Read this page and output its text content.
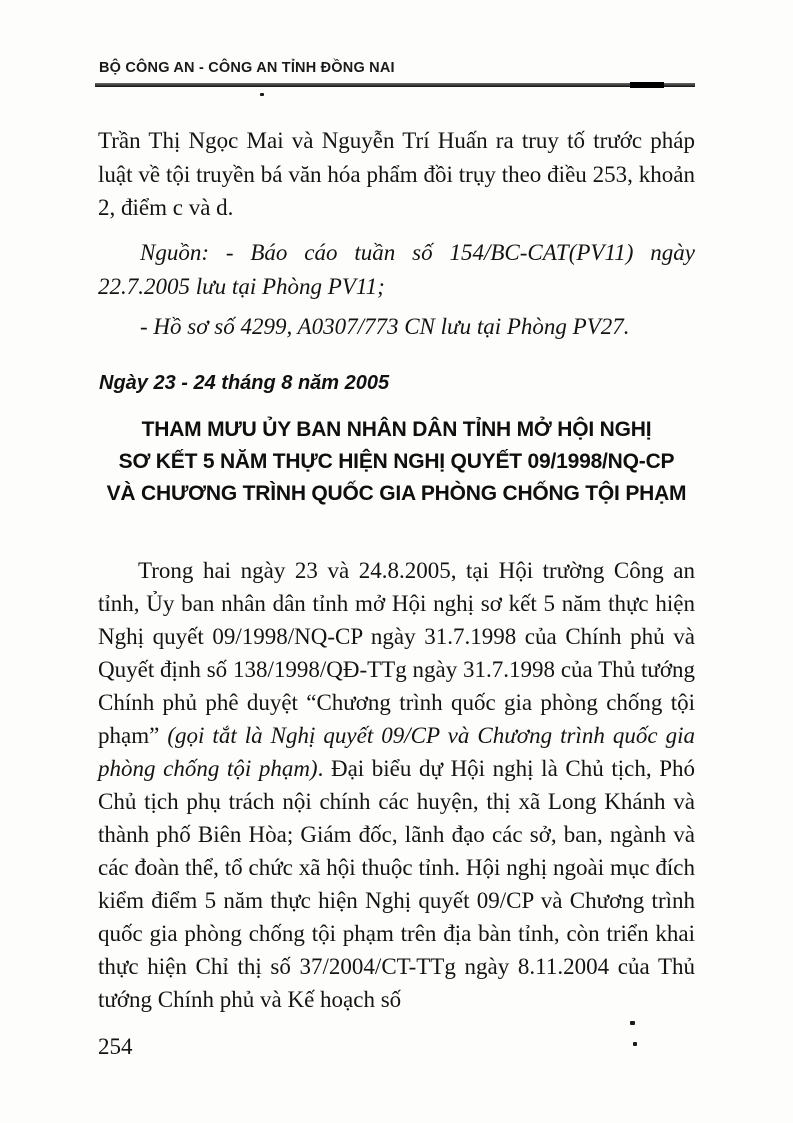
BỘ CÔNG AN - CÔNG AN TỈNH ĐỒNG NAI

Trần Thị Ngọc Mai và Nguyễn Trí Huấn ra truy tố trước pháp luật về tội truyền bá văn hóa phẩm đồi trụy theo điều 253, khoản 2, điểm c và d.

Nguồn: - Báo cáo tuần số 154/BC-CAT(PV11) ngày 22.7.2005 lưu tại Phòng PV11;

- Hồ sơ số 4299, A0307/773 CN lưu tại Phòng PV27.

Ngày 23 - 24 tháng 8 năm 2005
THAM MƯU ỦY BAN NHÂN DÂN TỈNH MỞ HỘI NGHỊ
SƠ KẾT 5 NĂM THỰC HIỆN NGHỊ QUYẾT 09/1998/NQ-CP
VÀ CHƯƠNG TRÌNH QUỐC GIA PHÒNG CHỐNG TỘI PHẠM

Trong hai ngày 23 và 24.8.2005, tại Hội trường Công an tỉnh, Ủy ban nhân dân tỉnh mở Hội nghị sơ kết 5 năm thực hiện Nghị quyết 09/1998/NQ-CP ngày 31.7.1998 của Chính phủ và Quyết định số 138/1998/QĐ-TTg ngày 31.7.1998 của Thủ tướng Chính phủ phê duyệt “Chương trình quốc gia phòng chống tội phạm” (gọi tắt là Nghị quyết 09/CP và Chương trình quốc gia phòng chống tội phạm). Đại biểu dự Hội nghị là Chủ tịch, Phó Chủ tịch phụ trách nội chính các huyện, thị xã Long Khánh và thành phố Biên Hòa; Giám đốc, lãnh đạo các sở, ban, ngành và các đoàn thể, tổ chức xã hội thuộc tỉnh. Hội nghị ngoài mục đích kiểm điểm 5 năm thực hiện Nghị quyết 09/CP và Chương trình quốc gia phòng chống tội phạm trên địa bàn tỉnh, còn triển khai thực hiện Chỉ thị số 37/2004/CT-TTg ngày 8.11.2004 của Thủ tướng Chính phủ và Kế hoạch số

254
